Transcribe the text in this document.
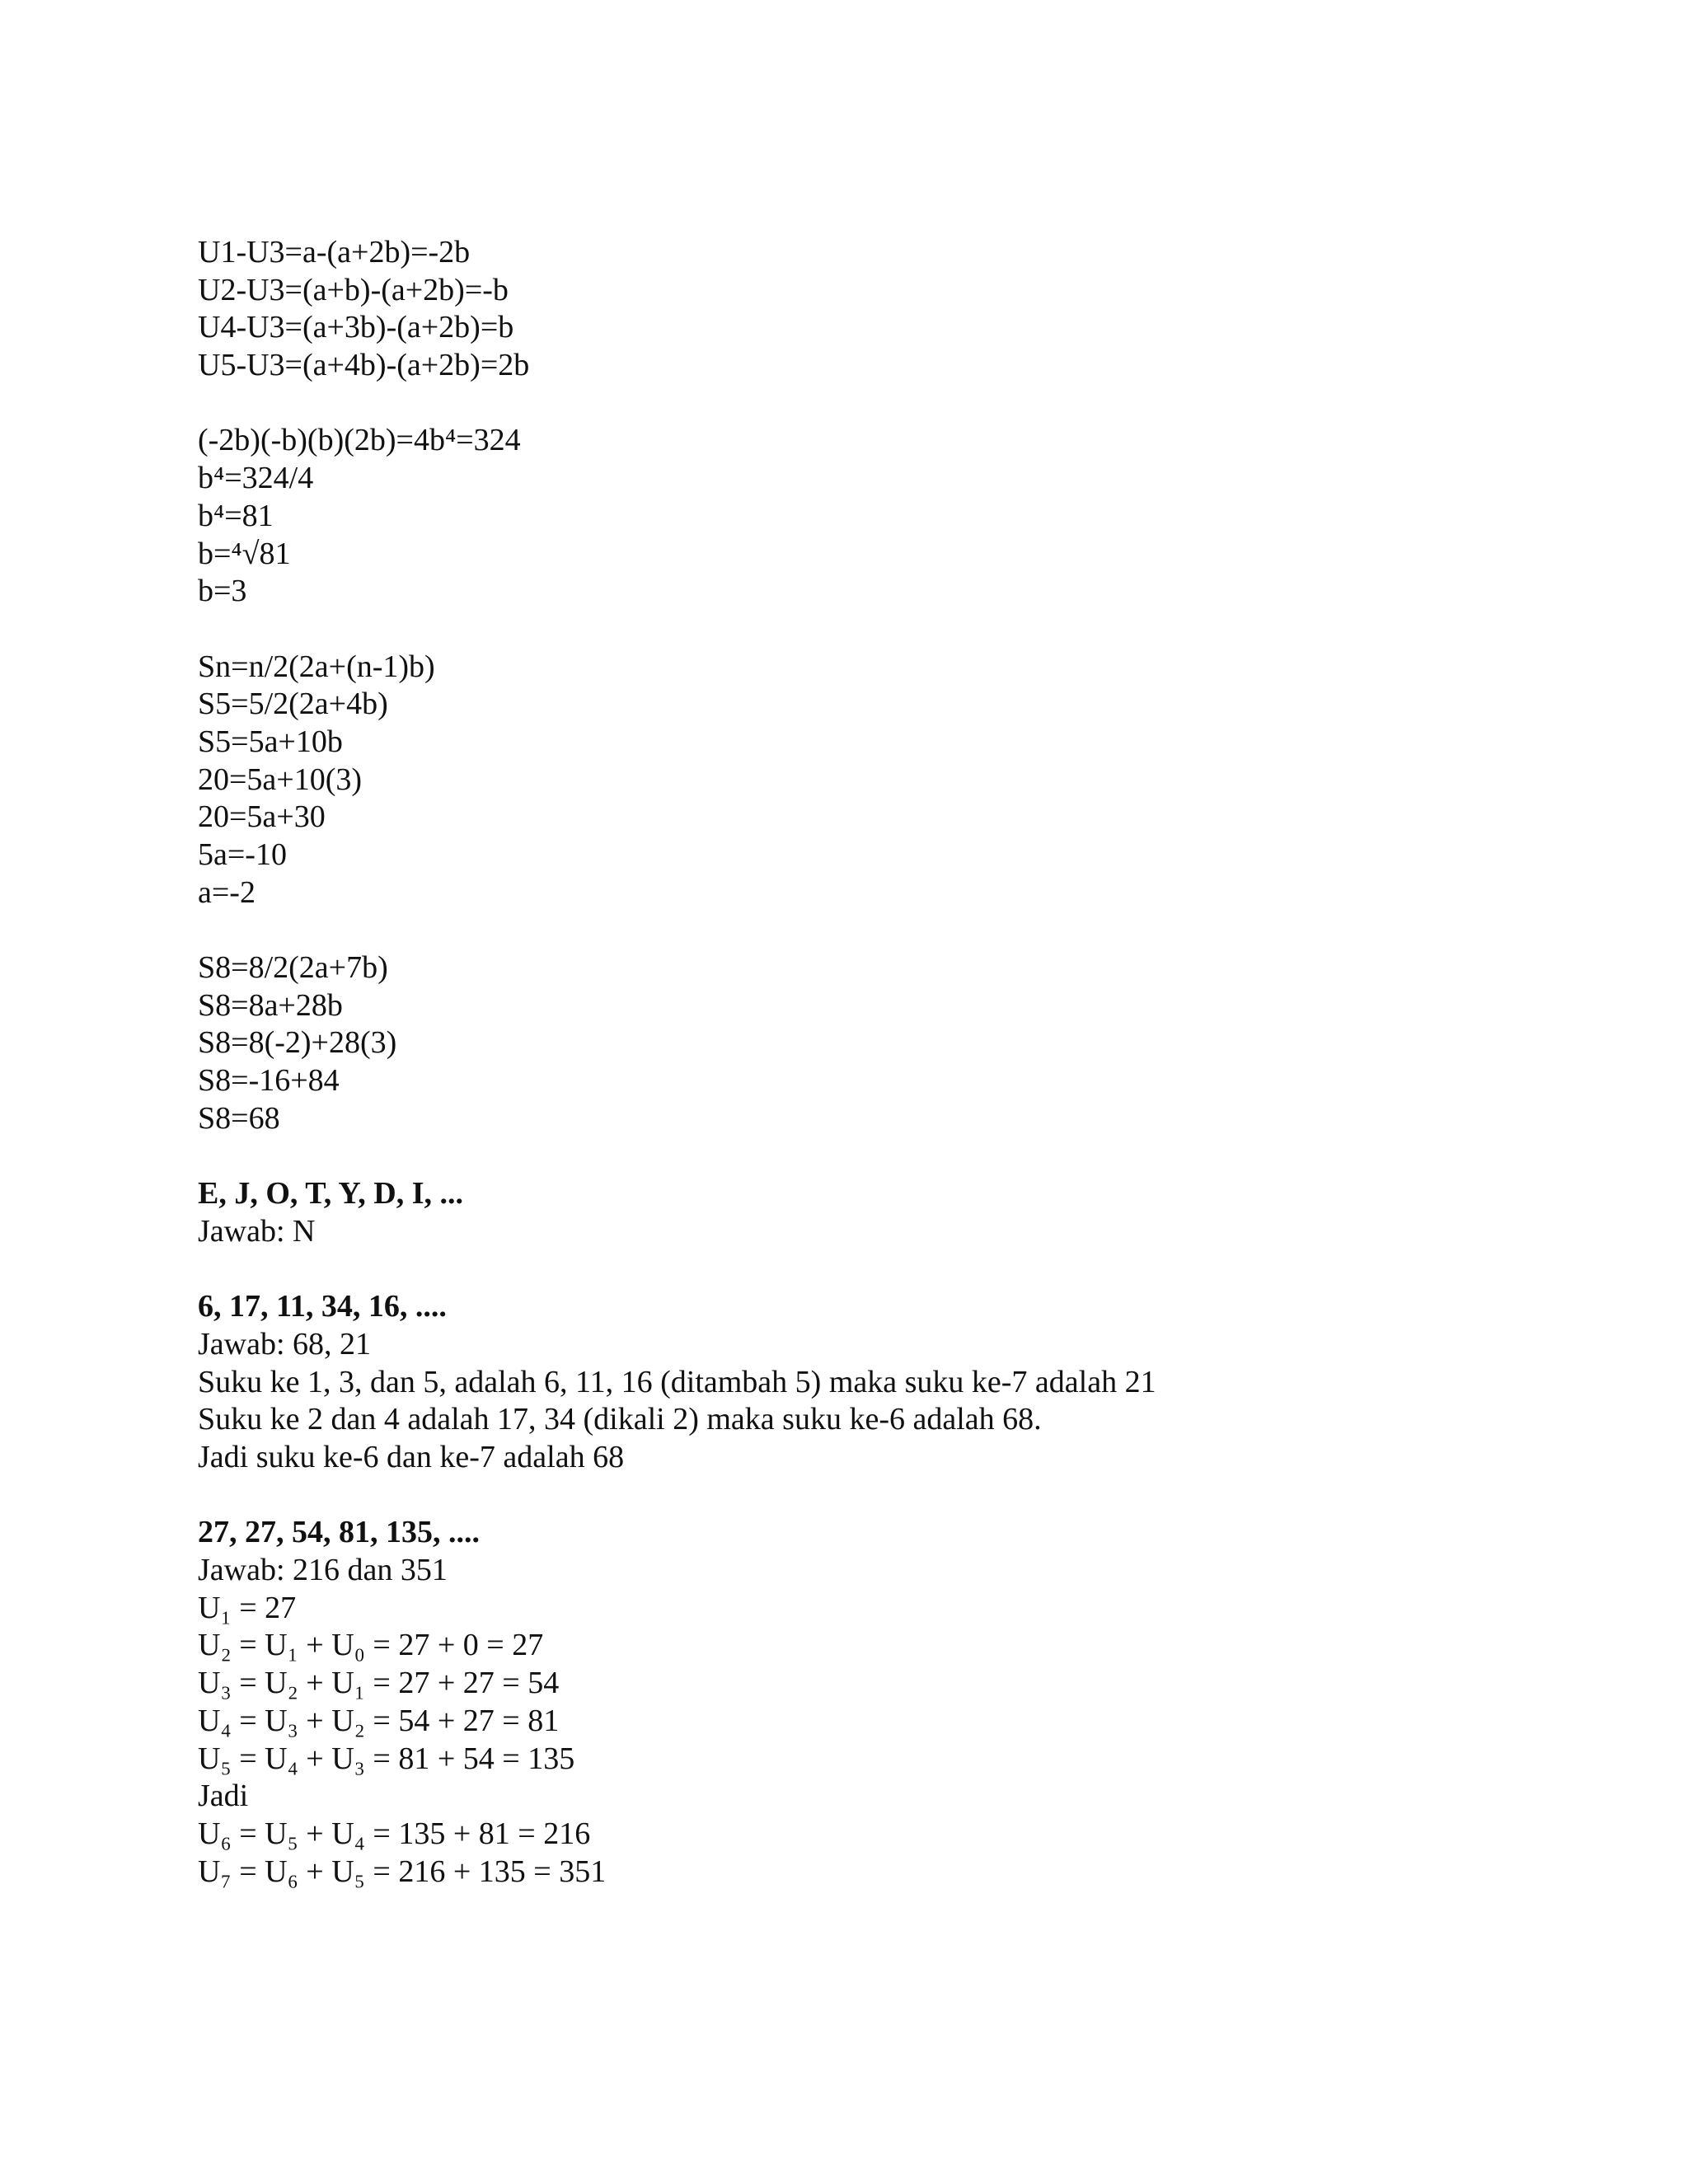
U1-U3=a-(a+2b)=-2b
U2-U3=(a+b)-(a+2b)=-b
U4-U3=(a+3b)-(a+2b)=b
U5-U3=(a+4b)-(a+2b)=2b
(-2b)(-b)(b)(2b)=4b⁴=324
b⁴=324/4
b⁴=81
b=⁴√81
b=3
Sn=n/2(2a+(n-1)b)
S5=5/2(2a+4b)
S5=5a+10b
20=5a+10(3)
20=5a+30
5a=-10
a=-2
S8=8/2(2a+7b)
S8=8a+28b
S8=8(-2)+28(3)
S8=-16+84
S8=68
E, J, O, T, Y, D, I, ...
Jawab: N
6, 17, 11, 34, 16, ....
Jawab: 68, 21
Suku ke 1, 3, dan 5, adalah 6, 11, 16 (ditambah 5) maka suku ke-7 adalah 21
Suku ke 2 dan 4 adalah 17, 34 (dikali 2) maka suku ke-6 adalah 68.
Jadi suku ke-6 dan ke-7 adalah 68
27, 27, 54, 81, 135, ....
Jawab: 216 dan 351
U₁ = 27
U₂ = U₁ + U₀ = 27 + 0 = 27
U₃ = U₂ + U₁ = 27 + 27 = 54
U₄ = U₃ + U₂ = 54 + 27 = 81
U₅ = U₄ + U₃ = 81 + 54 = 135
Jadi
U₆ = U₅ + U₄ = 135 + 81 = 216
U₇ = U₆ + U₅ = 216 + 135 = 351
